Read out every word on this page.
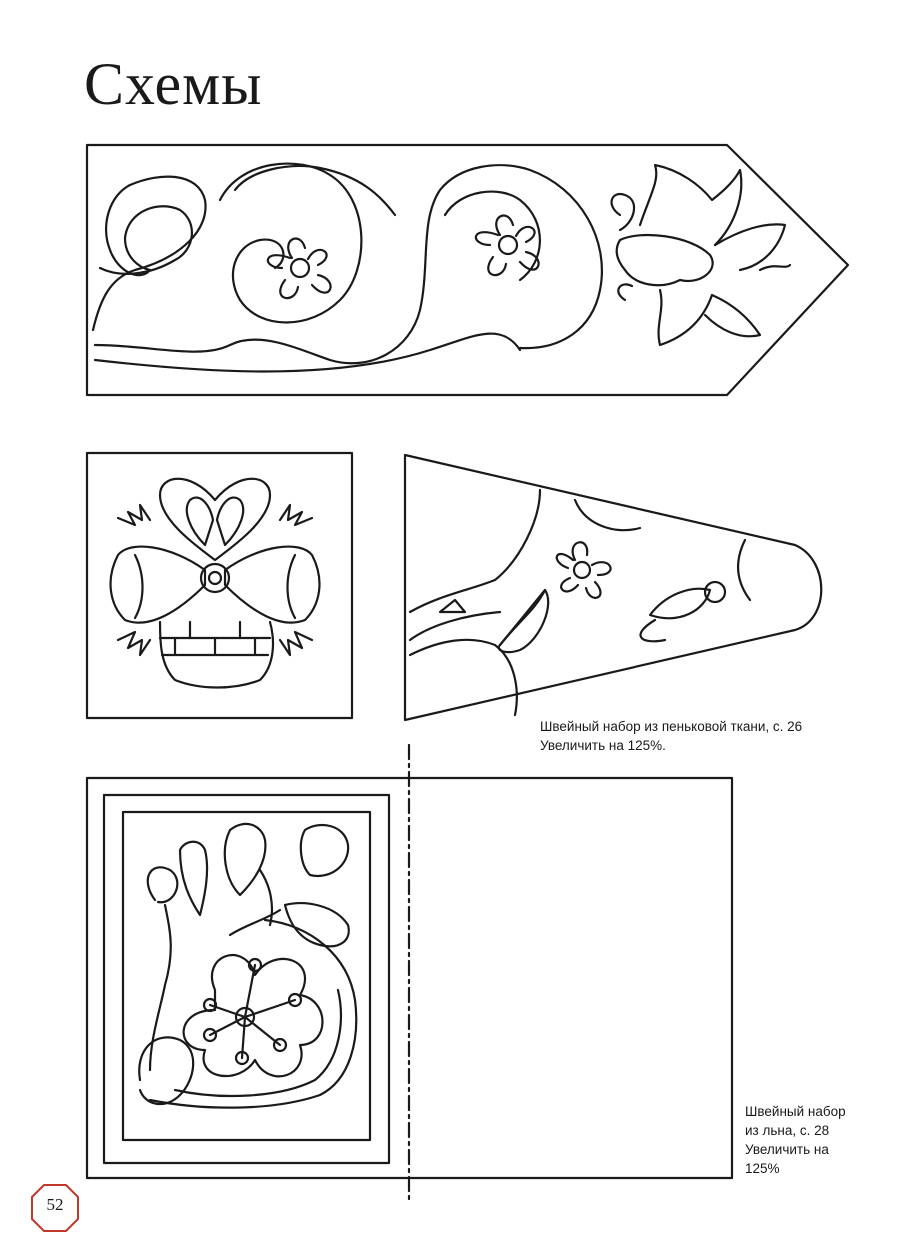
Схемы
52
Швейный набор из пеньковой ткани, с. 26
Увеличить на 125%.
Швейный набор
из льна, с. 28
Увеличить на
125%
